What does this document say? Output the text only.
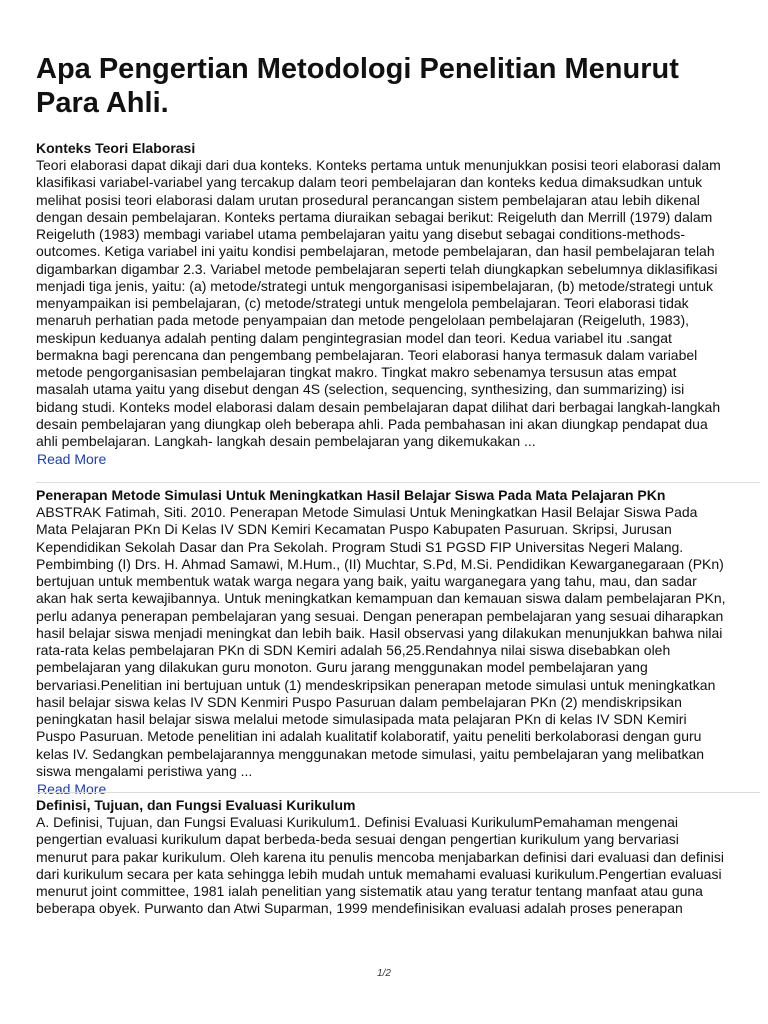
Apa Pengertian Metodologi Penelitian Menurut Para Ahli.
Konteks Teori Elaborasi
Teori elaborasi dapat dikaji dari dua konteks. Konteks pertama untuk menunjukkan posisi teori elaborasi dalam klasifikasi variabel-variabel yang tercakup dalam teori pembelajaran dan konteks kedua dimaksudkan untuk melihat posisi teori elaborasi dalam urutan prosedural perancangan sistem pembelajaran atau lebih dikenal dengan desain pembelajaran. Konteks pertama diuraikan sebagai berikut: Reigeluth dan Merrill (1979) dalam Reigeluth (1983) membagi variabel utama pembelajaran yaitu yang disebut sebagai conditions-methods-outcomes. Ketiga variabel ini yaitu kondisi pembelajaran, metode pembelajaran, dan hasil pembelajaran telah digambarkan digambar 2.3. Variabel metode pembelajaran seperti telah diungkapkan sebelumnya diklasifikasi menjadi tiga jenis, yaitu: (a) metode/strategi untuk mengorganisasi isipembelajaran, (b) metode/strategi untuk menyampaikan isi pembelajaran, (c) metode/strategi untuk mengelola pembelajaran. Teori elaborasi tidak menaruh perhatian pada metode penyampaian dan metode pengelolaan pembelajaran (Reigeluth, 1983), meskipun keduanya adalah penting dalam pengintegrasian model dan teori. Kedua variabel itu .sangat bermakna bagi perencana dan pengembang pembelajaran. Teori elaborasi hanya termasuk dalam variabel metode pengorganisasian pembelajaran tingkat makro. Tingkat makro sebenamya tersusun atas empat masalah utama yaitu yang disebut dengan 4S (selection, sequencing, synthesizing, dan summarizing) isi bidang studi. Konteks model elaborasi dalam desain pembelajaran dapat dilihat dari berbagai langkah-langkah desain pembelajaran yang diungkap oleh beberapa ahli. Pada pembahasan ini akan diungkap pendapat dua ahli pembelajaran. Langkah- langkah desain pembelajaran yang dikemukakan ...
Read More
Penerapan Metode Simulasi Untuk Meningkatkan Hasil Belajar Siswa Pada Mata Pelajaran PKn
ABSTRAK Fatimah, Siti. 2010. Penerapan Metode Simulasi Untuk Meningkatkan Hasil Belajar Siswa Pada Mata Pelajaran PKn Di Kelas IV SDN Kemiri Kecamatan Puspo Kabupaten Pasuruan. Skripsi, Jurusan Kependidikan Sekolah Dasar dan Pra Sekolah. Program Studi S1 PGSD FIP Universitas Negeri Malang. Pembimbing (I) Drs. H. Ahmad Samawi, M.Hum., (II) Muchtar, S.Pd, M.Si. Pendidikan Kewarganegaraan (PKn) bertujuan untuk membentuk watak warga negara yang baik, yaitu warganegara yang tahu, mau, dan sadar akan hak serta kewajibannya. Untuk meningkatkan kemampuan dan kemauan siswa dalam pembelajaran PKn, perlu adanya penerapan pembelajaran yang sesuai. Dengan penerapan pembelajaran yang sesuai diharapkan hasil belajar siswa menjadi meningkat dan lebih baik. Hasil observasi yang dilakukan menunjukkan bahwa nilai rata-rata kelas pembelajaran PKn di SDN Kemiri adalah 56,25.Rendahnya nilai siswa disebabkan oleh pembelajaran yang dilakukan guru monoton. Guru jarang menggunakan model pembelajaran yang bervariasi.Penelitian ini bertujuan untuk (1) mendeskripsikan penerapan metode simulasi untuk meningkatkan hasil belajar siswa kelas IV SDN Kenmiri Puspo Pasuruan dalam pembelajaran PKn (2) mendiskripsikan peningkatan hasil belajar siswa melalui metode simulasipada mata pelajaran PKn di kelas IV SDN Kemiri Puspo Pasuruan. Metode penelitian ini adalah kualitatif kolaboratif, yaitu peneliti berkolaborasi dengan guru kelas IV. Sedangkan pembelajarannya menggunakan metode simulasi, yaitu pembelajaran yang melibatkan siswa mengalami peristiwa yang ...
Read More
Definisi, Tujuan, dan Fungsi Evaluasi Kurikulum
A. Definisi, Tujuan, dan Fungsi Evaluasi Kurikulum1. Definisi Evaluasi KurikulumPemahaman mengenai pengertian evaluasi kurikulum dapat berbeda-beda sesuai dengan pengertian kurikulum yang bervariasi menurut para pakar kurikulum. Oleh karena itu penulis mencoba menjabarkan definisi dari evaluasi dan definisi dari kurikulum secara per kata sehingga lebih mudah untuk memahami evaluasi kurikulum.Pengertian evaluasi menurut joint committee, 1981 ialah penelitian yang sistematik atau yang teratur tentang manfaat atau guna beberapa obyek. Purwanto dan Atwi Suparman, 1999 mendefinisikan evaluasi adalah proses penerapan
1/2
